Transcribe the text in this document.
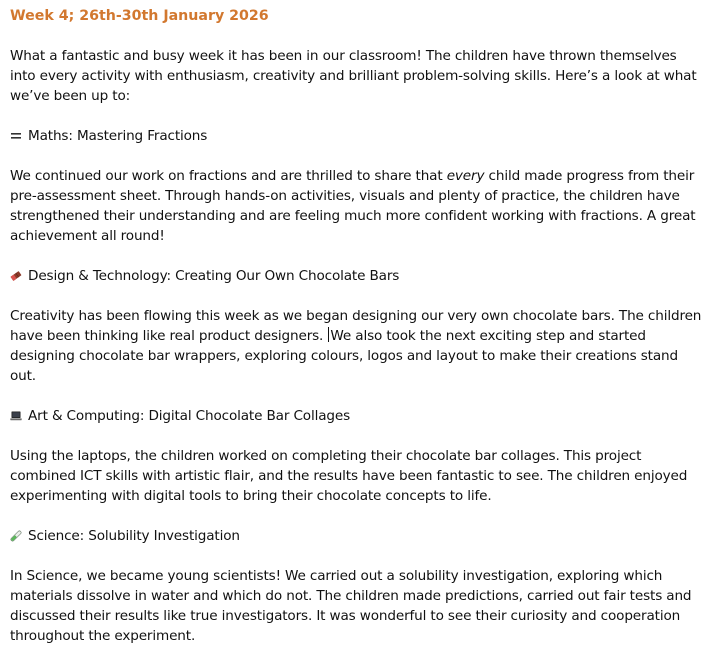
Week 4; 26th-30th January 2026
What a fantastic and busy week it has been in our classroom! The children have thrown themselves into every activity with enthusiasm, creativity and brilliant problem-solving skills. Here’s a look at what we’ve been up to:
Maths: Mastering Fractions
We continued our work on fractions and are thrilled to share that every child made progress from their pre-assessment sheet. Through hands-on activities, visuals and plenty of practice, the children have strengthened their understanding and are feeling much more confident working with fractions. A great achievement all round!
Design & Technology: Creating Our Own Chocolate Bars
Creativity has been flowing this week as we began designing our very own chocolate bars. The children have been thinking like real product designers. We also took the next exciting step and started designing chocolate bar wrappers, exploring colours, logos and layout to make their creations stand out.
Art & Computing: Digital Chocolate Bar Collages
Using the laptops, the children worked on completing their chocolate bar collages. This project combined ICT skills with artistic flair, and the results have been fantastic to see. The children enjoyed experimenting with digital tools to bring their chocolate concepts to life.
Science: Solubility Investigation
In Science, we became young scientists! We carried out a solubility investigation, exploring which materials dissolve in water and which do not. The children made predictions, carried out fair tests and discussed their results like true investigators. It was wonderful to see their curiosity and cooperation throughout the experiment.
